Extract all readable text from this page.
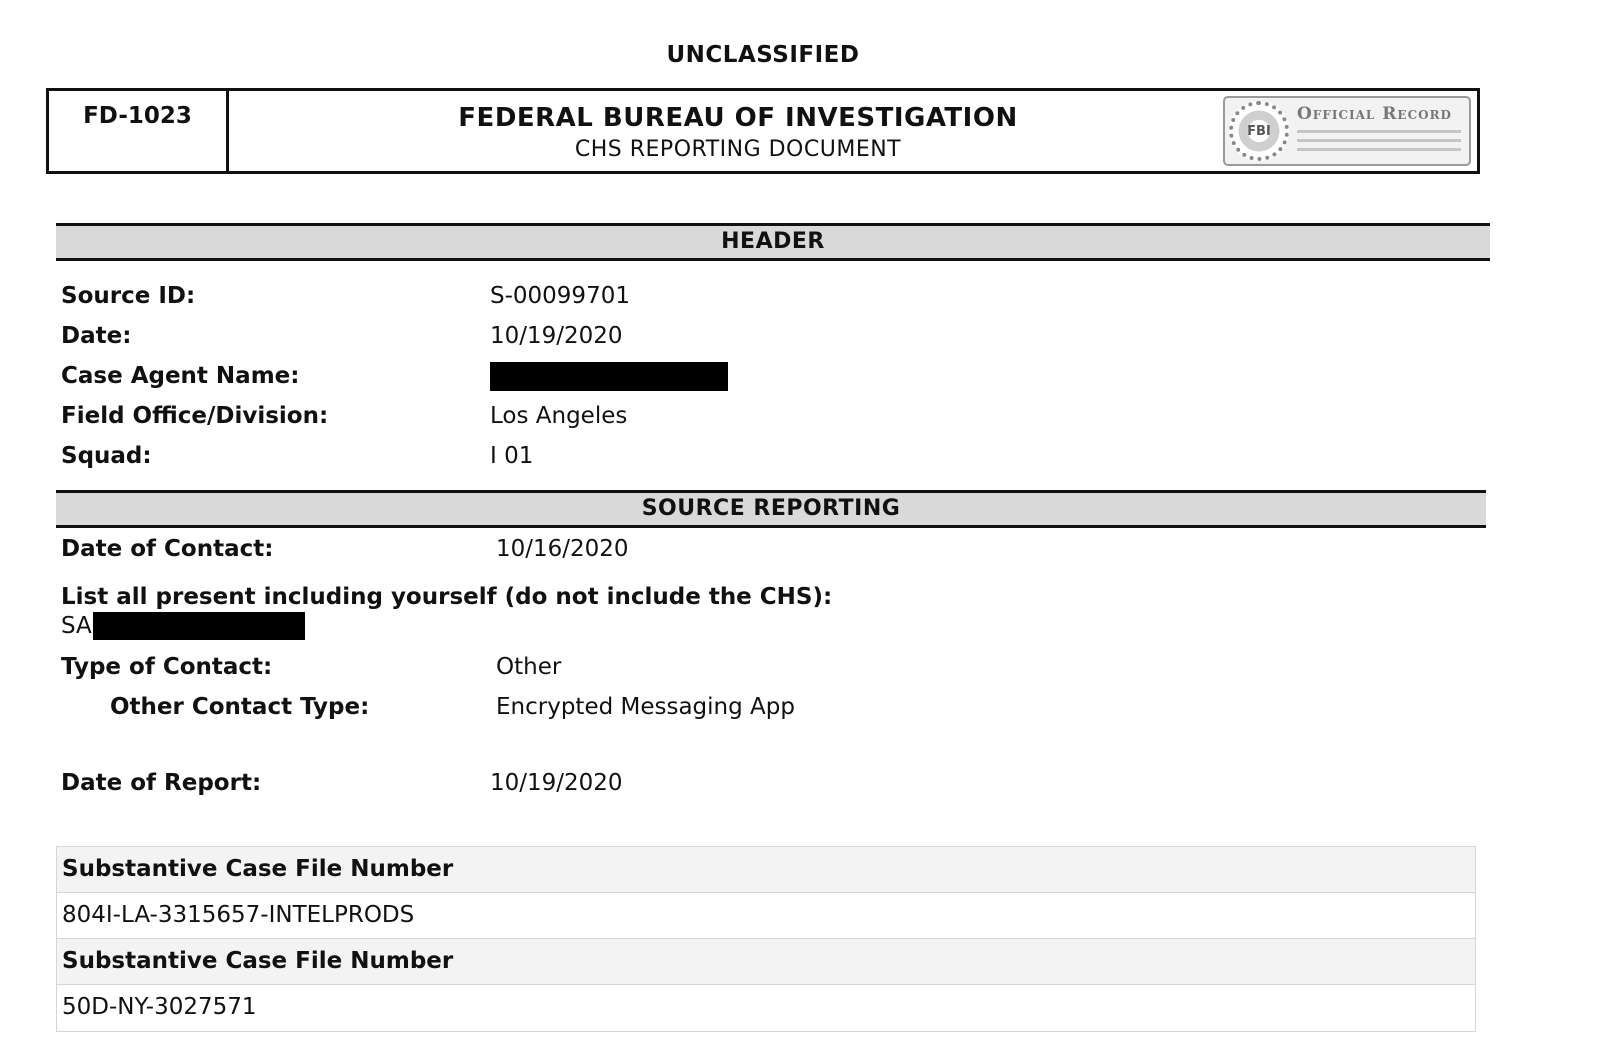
UNCLASSIFIED
FD-1023	FEDERAL BUREAU OF INVESTIGATION
CHS REPORTING DOCUMENT
FBI
Official Record
HEADER
Source ID:	S-00099701
Date:	10/19/2020
Case Agent Name:
Field Office/Division:	Los Angeles
Squad:	I 01
SOURCE REPORTING
Date of Contact:	10/16/2020
List all present including yourself (do not include the CHS):
SA
Type of Contact:	Other
Other Contact Type:	Encrypted Messaging App
Date of Report:	10/19/2020
Substantive Case File Number
804I-LA-3315657-INTELPRODS
Substantive Case File Number
50D-NY-3027571
